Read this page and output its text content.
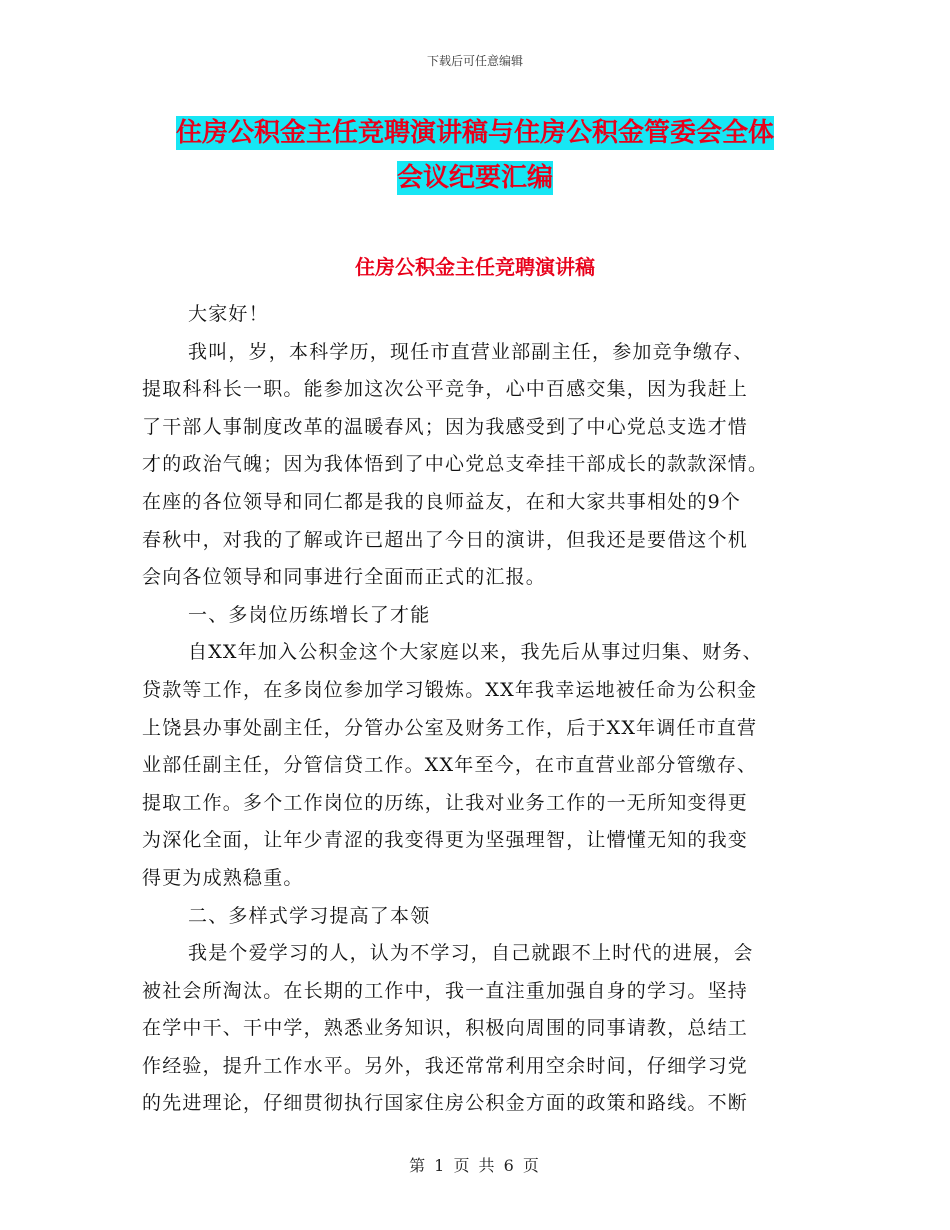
下载后可任意编辑
住房公积金主任竞聘演讲稿与住房公积金管委会全体
会议纪要汇编
住房公积金主任竞聘演讲稿
大家好！
我叫，岁，本科学历，现任市直营业部副主任，参加竞争缴存、
提取科科长一职。能参加这次公平竞争，心中百感交集，因为我赶上
了干部人事制度改革的温暖春风；因为我感受到了中心党总支选才惜
才的政治气魄；因为我体悟到了中心党总支牵挂干部成长的款款深情。
在座的各位领导和同仁都是我的良师益友，在和大家共事相处的9个
春秋中，对我的了解或许已超出了今日的演讲，但我还是要借这个机
会向各位领导和同事进行全面而正式的汇报。
一、多岗位历练增长了才能
自XX年加入公积金这个大家庭以来，我先后从事过归集、财务、
贷款等工作，在多岗位参加学习锻炼。XX年我幸运地被任命为公积金
上饶县办事处副主任，分管办公室及财务工作，后于XX年调任市直营
业部任副主任，分管信贷工作。XX年至今，在市直营业部分管缴存、
提取工作。多个工作岗位的历练，让我对业务工作的一无所知变得更
为深化全面，让年少青涩的我变得更为坚强理智，让懵懂无知的我变
得更为成熟稳重。
二、多样式学习提高了本领
我是个爱学习的人，认为不学习，自己就跟不上时代的进展，会
被社会所淘汰。在长期的工作中，我一直注重加强自身的学习。坚持
在学中干、干中学，熟悉业务知识，积极向周围的同事请教，总结工
作经验，提升工作水平。另外，我还常常利用空余时间，仔细学习党
的先进理论，仔细贯彻执行国家住房公积金方面的政策和路线。不断
第 1 页 共 6 页
